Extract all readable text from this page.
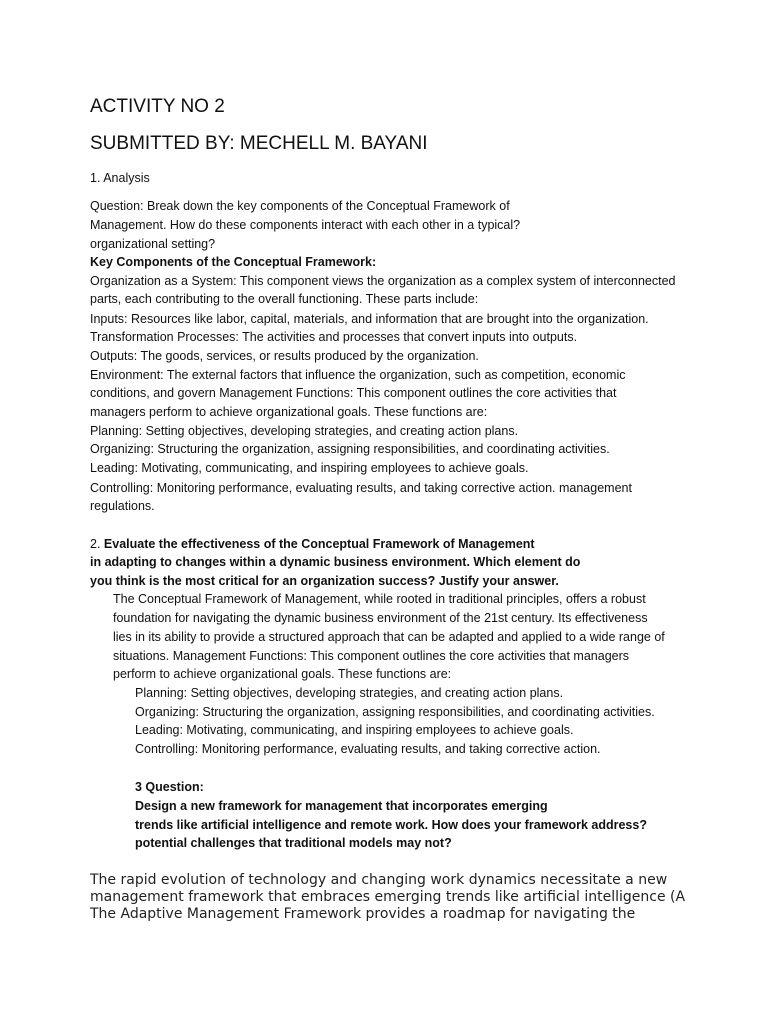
ACTIVITY NO 2
SUBMITTED BY: MECHELL M. BAYANI
1. Analysis
Question: Break down the key components of the Conceptual Framework of
Management. How do these components interact with each other in a typical?
organizational setting?
Key Components of the Conceptual Framework:
Organization as a System: This component views the organization as a complex system of interconnected
parts, each contributing to the overall functioning. These parts include:
Inputs: Resources like labor, capital, materials, and information that are brought into the organization.
Transformation Processes: The activities and processes that convert inputs into outputs.
Outputs: The goods, services, or results produced by the organization.
Environment: The external factors that influence the organization, such as competition, economic
conditions, and govern Management Functions: This component outlines the core activities that
managers perform to achieve organizational goals. These functions are:
Planning: Setting objectives, developing strategies, and creating action plans.
Organizing: Structuring the organization, assigning responsibilities, and coordinating activities.
Leading: Motivating, communicating, and inspiring employees to achieve goals.
Controlling: Monitoring performance, evaluating results, and taking corrective action. management
regulations.
2. Evaluate the effectiveness of the Conceptual Framework of Management
in adapting to changes within a dynamic business environment. Which element do
you think is the most critical for an organization success? Justify your answer.
The Conceptual Framework of Management, while rooted in traditional principles, offers a robust
foundation for navigating the dynamic business environment of the 21st century. Its effectiveness
lies in its ability to provide a structured approach that can be adapted and applied to a wide range of
situations. Management Functions: This component outlines the core activities that managers
perform to achieve organizational goals. These functions are:
Planning: Setting objectives, developing strategies, and creating action plans.
Organizing: Structuring the organization, assigning responsibilities, and coordinating activities.
Leading: Motivating, communicating, and inspiring employees to achieve goals.
Controlling: Monitoring performance, evaluating results, and taking corrective action.
3 Question:
Design a new framework for management that incorporates emerging
trends like artificial intelligence and remote work. How does your framework address?
potential challenges that traditional models may not?
The rapid evolution of technology and changing work dynamics necessitate a new
management framework that embraces emerging trends like artificial intelligence (A
The Adaptive Management Framework provides a roadmap for navigating the
